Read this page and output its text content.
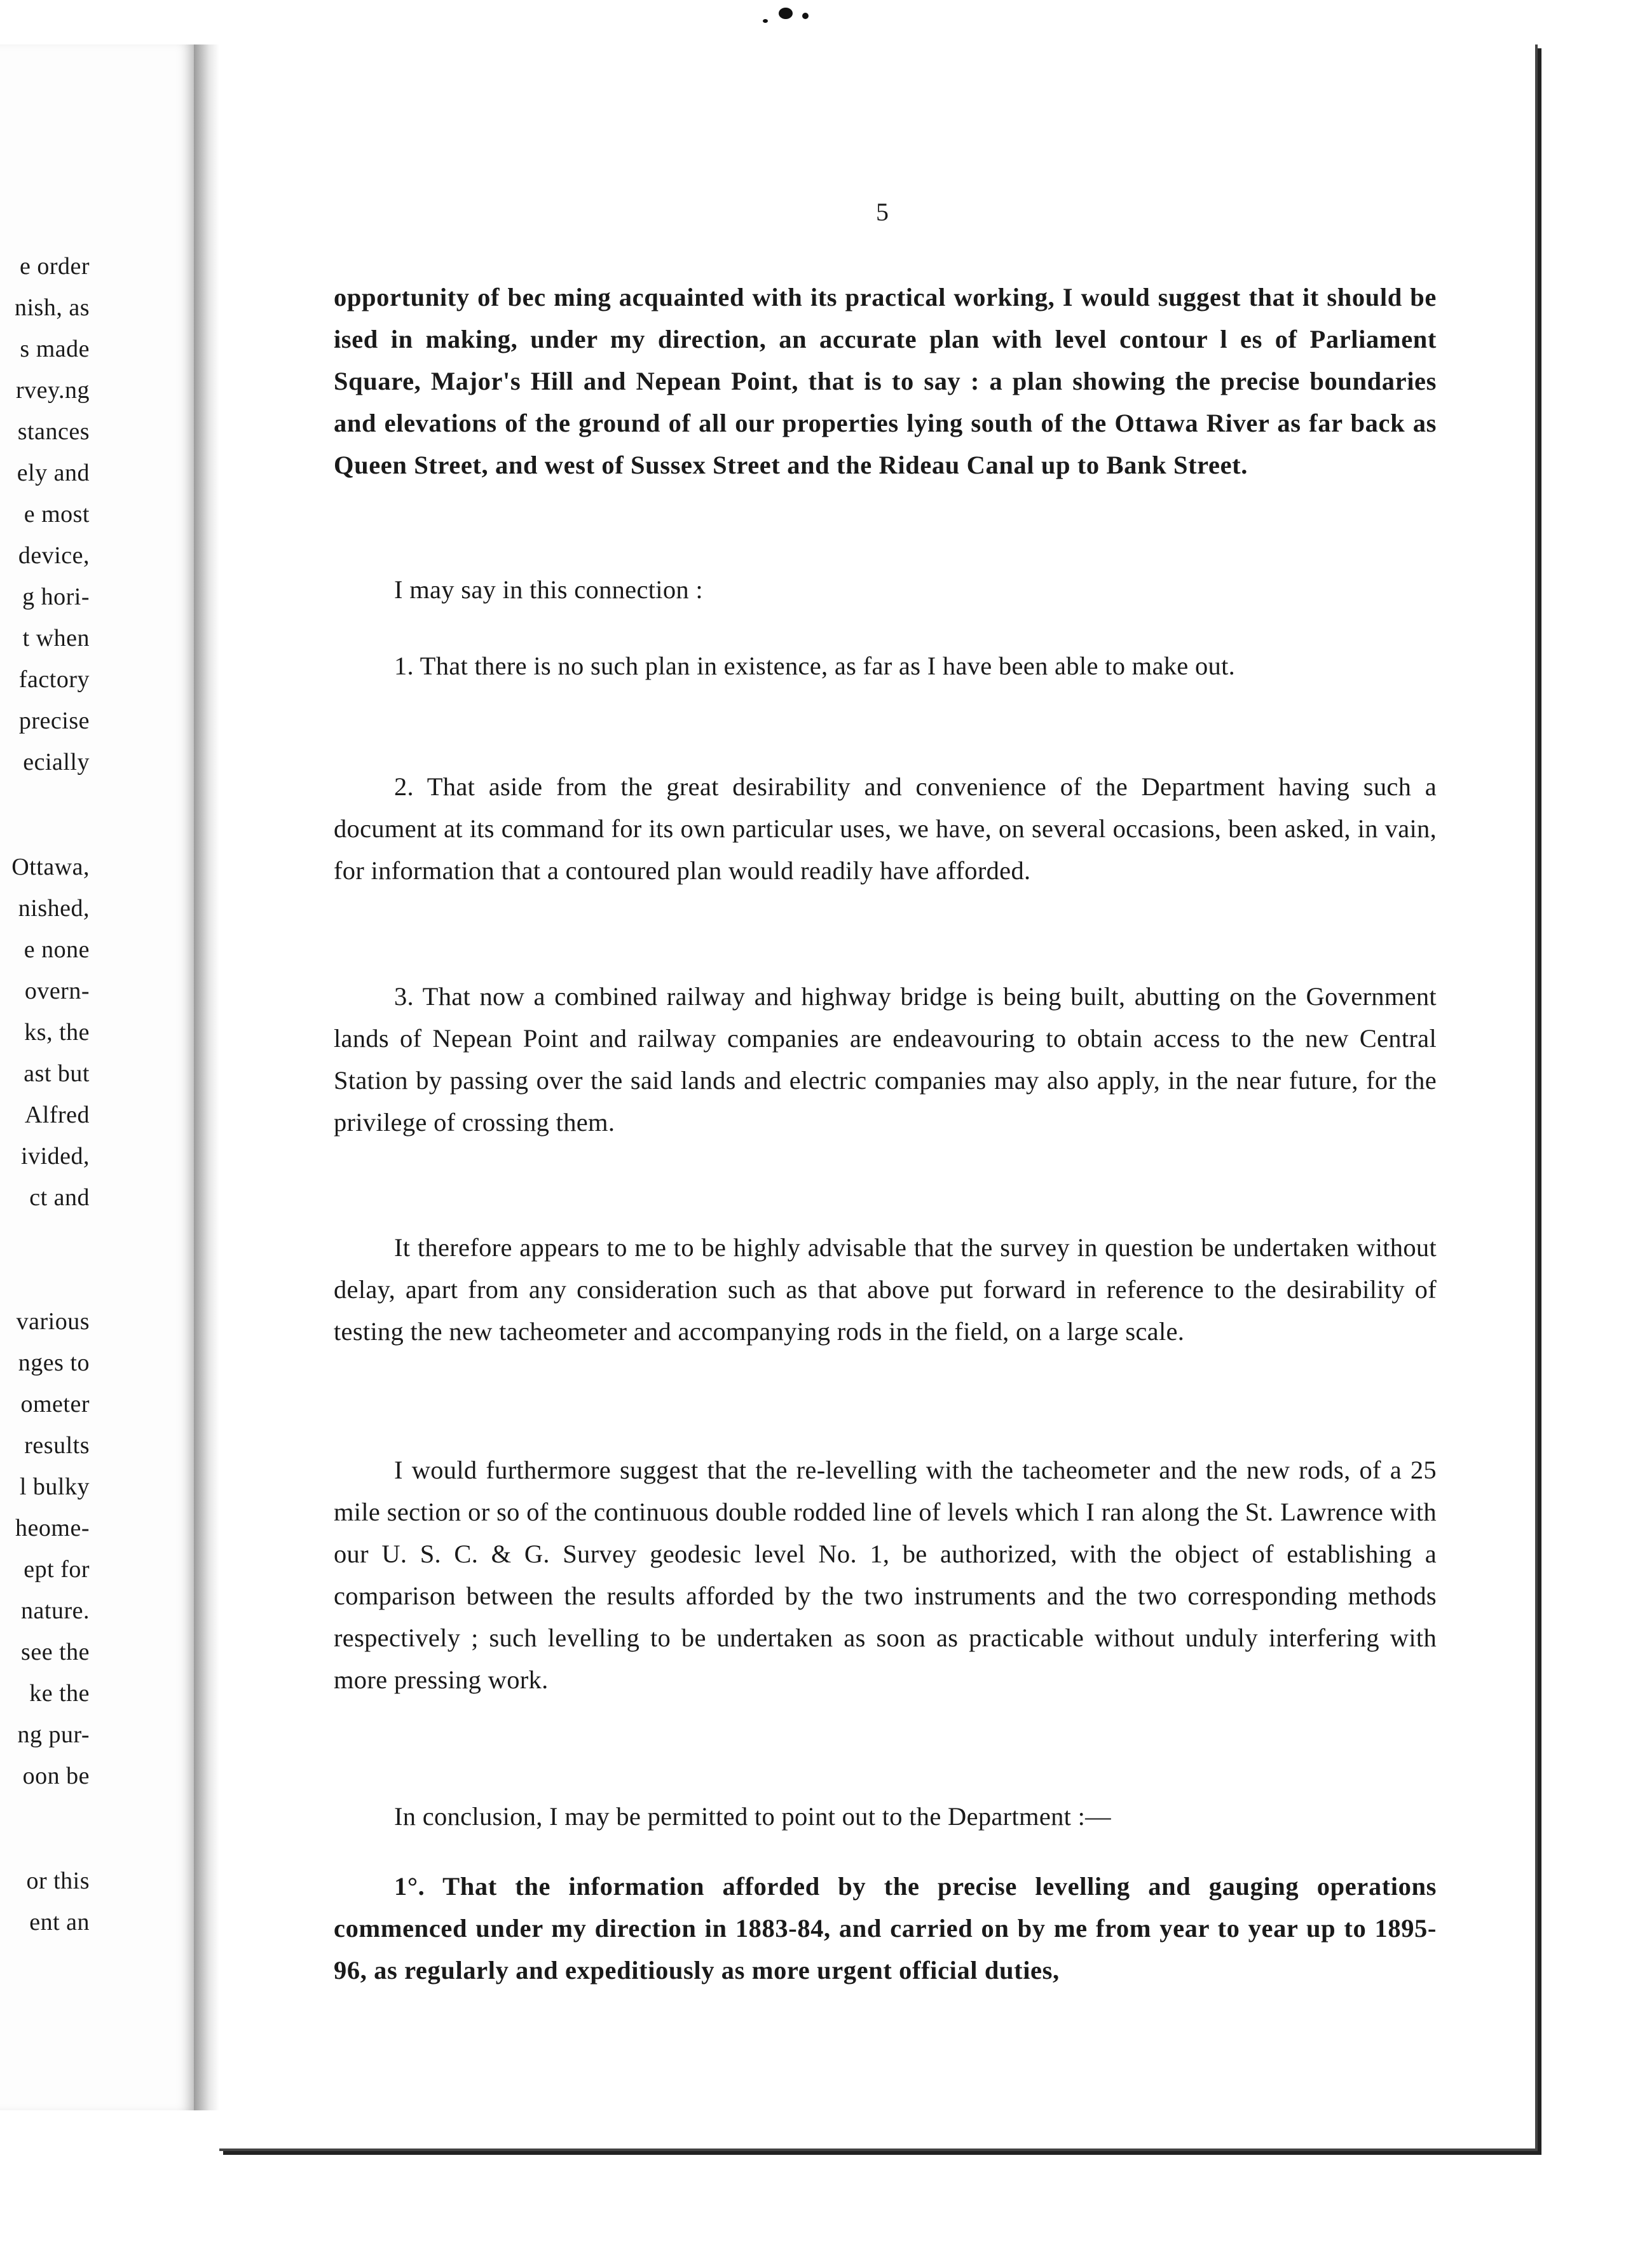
e order
nish, as
s made
rvey.ng
stances
ely and
e most
device,
g hori-
t when
factory
precise
ecially
Ottawa,
nished,
e none
overn-
ks, the
ast but
Alfred
ivided,
ct and
various
nges to
ometer
results
l bulky
heome-
ept for
nature.
see the
ke the
ng pur-
oon be
or this
ent an
5

opportunity of bec ming acquainted with its practical working, I would suggest that it should be ised in making, under my direction, an accurate plan with level contour l es of Parliament Square, Major's Hill and Nepean Point, that is to say : a plan showing the precise boundaries and elevations of the ground of all our properties lying south of the Ottawa River as far back as Queen Street, and west of Sussex Street and the Rideau Canal up to Bank Street.

I may say in this connection :

1. That there is no such plan in existence, as far as I have been able to make out.

2. That aside from the great desirability and convenience of the Department having such a document at its command for its own particular uses, we have, on several occasions, been asked, in vain, for information that a contoured plan would readily have afforded.

3. That now a combined railway and highway bridge is being built, abutting on the Government lands of Nepean Point and railway companies are endeavouring to obtain access to the new Central Station by passing over the said lands and electric companies may also apply, in the near future, for the privilege of crossing them.

It therefore appears to me to be highly advisable that the survey in question be undertaken without delay, apart from any consideration such as that above put forward in reference to the desirability of testing the new tacheometer and accompanying rods in the field, on a large scale.

I would furthermore suggest that the re-levelling with the tacheometer and the new rods, of a 25 mile section or so of the continuous double rodded line of levels which I ran along the St. Lawrence with our U. S. C. & G. Survey geodesic level No. 1, be authorized, with the object of establishing a comparison between the results afforded by the two instruments and the two corresponding methods respectively ; such levelling to be undertaken as soon as practicable without unduly interfering with more pressing work.

In conclusion, I may be permitted to point out to the Department :—

1°. That the information afforded by the precise levelling and gauging operations commenced under my direction in 1883-84, and carried on by me from year to year up to 1895-96, as regularly and expeditiously as more urgent official duties,
